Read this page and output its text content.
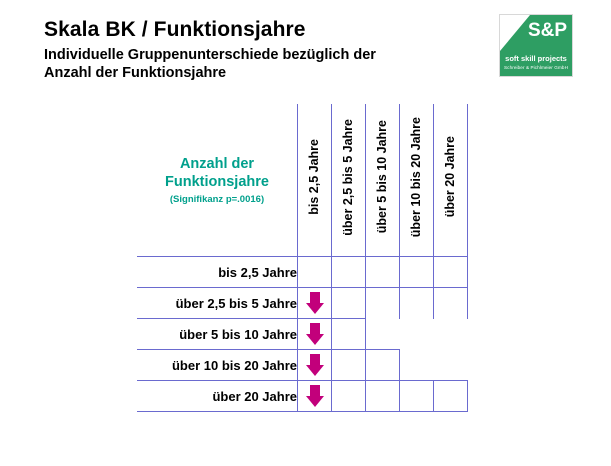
Skala BK / Funktionsjahre
Individuelle Gruppenunterschiede bezüglich der
Anzahl der Funktionsjahre
S&P
soft skill projects
Schreiber & Pichlmeier GmbH
Anzahl der
Funktionsjahre
(Signifikanz p=.0016)	bis 2,5 Jahre	über 2,5 bis 5 Jahre	über 5 bis 10 Jahre	über 10 bis 20 Jahre	über 20 Jahre

bis 2,5 Jahre					
über 2,5 bis 5 Jahre	

über 5 bis 10 Jahre	

über 10 bis 20 Jahre	

über 20 Jahre	
